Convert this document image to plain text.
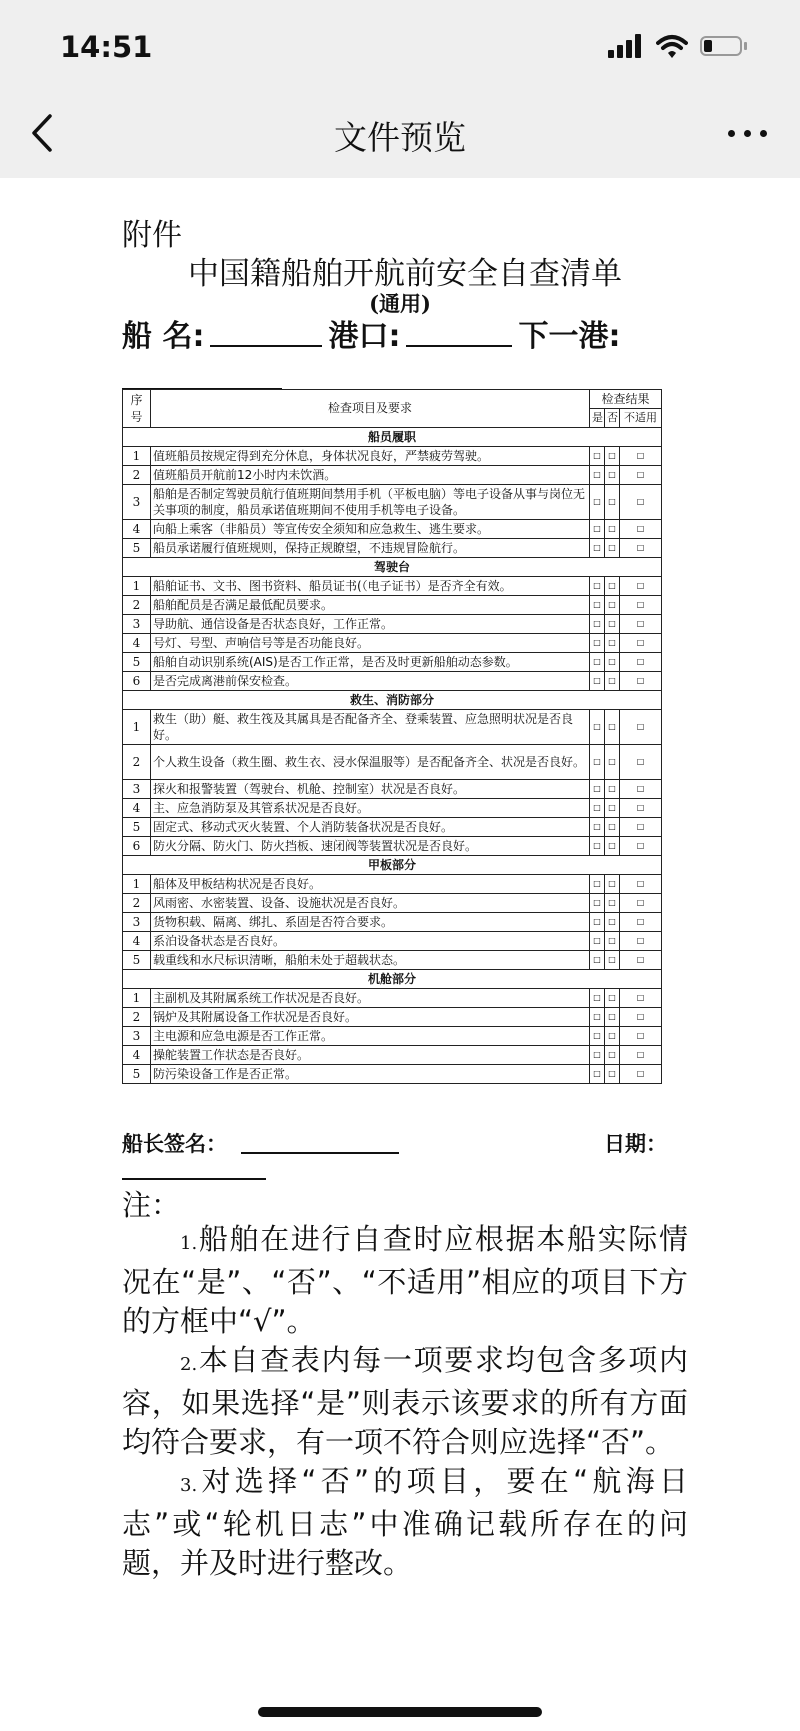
14:51
文件预览
附件
中国籍船舶开航前安全自查清单
(通用)
船 名:	港口:	下一港:
序号	检查项目及要求	检查结果		
		是	否	不适用
船员履职				
1	值班船员按规定得到充分休息，身体状况良好，严禁疲劳驾驶。	□	□	□
2	值班船员开航前12小时内未饮酒。	□	□	□
3	船舶是否制定驾驶员航行值班期间禁用手机（平板电脑）等电子设备从事与岗位无关事项的制度，船员承诺值班期间不使用手机等电子设备。	□	□	□
4	向船上乘客（非船员）等宣传安全须知和应急救生、逃生要求。	□	□	□
5	船员承诺履行值班规则，保持正规瞭望，不违规冒险航行。	□	□	□
驾驶台				
1	船舶证书、文书、图书资料、船员证书(（电子证书）是否齐全有效。	□	□	□
2	船舶配员是否满足最低配员要求。	□	□	□
3	导助航、通信设备是否状态良好，工作正常。	□	□	□
4	号灯、号型、声响信号等是否功能良好。	□	□	□
5	船舶自动识别系统(AIS)是否工作正常，是否及时更新船舶动态参数。	□	□	□
6	是否完成离港前保安检查。	□	□	□
救生、消防部分				
1	救生（助）艇、救生筏及其属具是否配备齐全、登乘装置、应急照明状况是否良好。	□	□	□
2	个人救生设备（救生圈、救生衣、浸水保温服等）是否配备齐全、状况是否良好。	□	□	□
3	探火和报警装置（驾驶台、机舱、控制室）状况是否良好。	□	□	□
4	主、应急消防泵及其管系状况是否良好。	□	□	□
5	固定式、移动式灭火装置、个人消防装备状况是否良好。	□	□	□
6	防火分隔、防火门、防火挡板、速闭阀等装置状况是否良好。	□	□	□
甲板部分				
1	船体及甲板结构状况是否良好。	□	□	□
2	风雨密、水密装置、设备、设施状况是否良好。	□	□	□
3	货物积载、隔离、绑扎、系固是否符合要求。	□	□	□
4	系泊设备状态是否良好。	□	□	□
5	载重线和水尺标识清晰，船舶未处于超载状态。	□	□	□
机舱部分				
1	主副机及其附属系统工作状况是否良好。	□	□	□
2	锅炉及其附属设备工作状况是否良好。	□	□	□
3	主电源和应急电源是否工作正常。	□	□	□
4	操舵装置工作状态是否良好。	□	□	□
5	防污染设备工作是否正常。	□	□	□
船长签名：	日期：
注：

1.船舶在进行自查时应根据本船实际情况在“是”、“否”、“不适用”相应的项目下方的方框中“√”。

2.本自查表内每一项要求均包含多项内容，如果选择“是”则表示该要求的所有方面均符合要求，有一项不符合则应选择“否”。

3.对选择“否”的项目，要在“航海日志”或“轮机日志”中准确记载所存在的问题，并及时进行整改。
